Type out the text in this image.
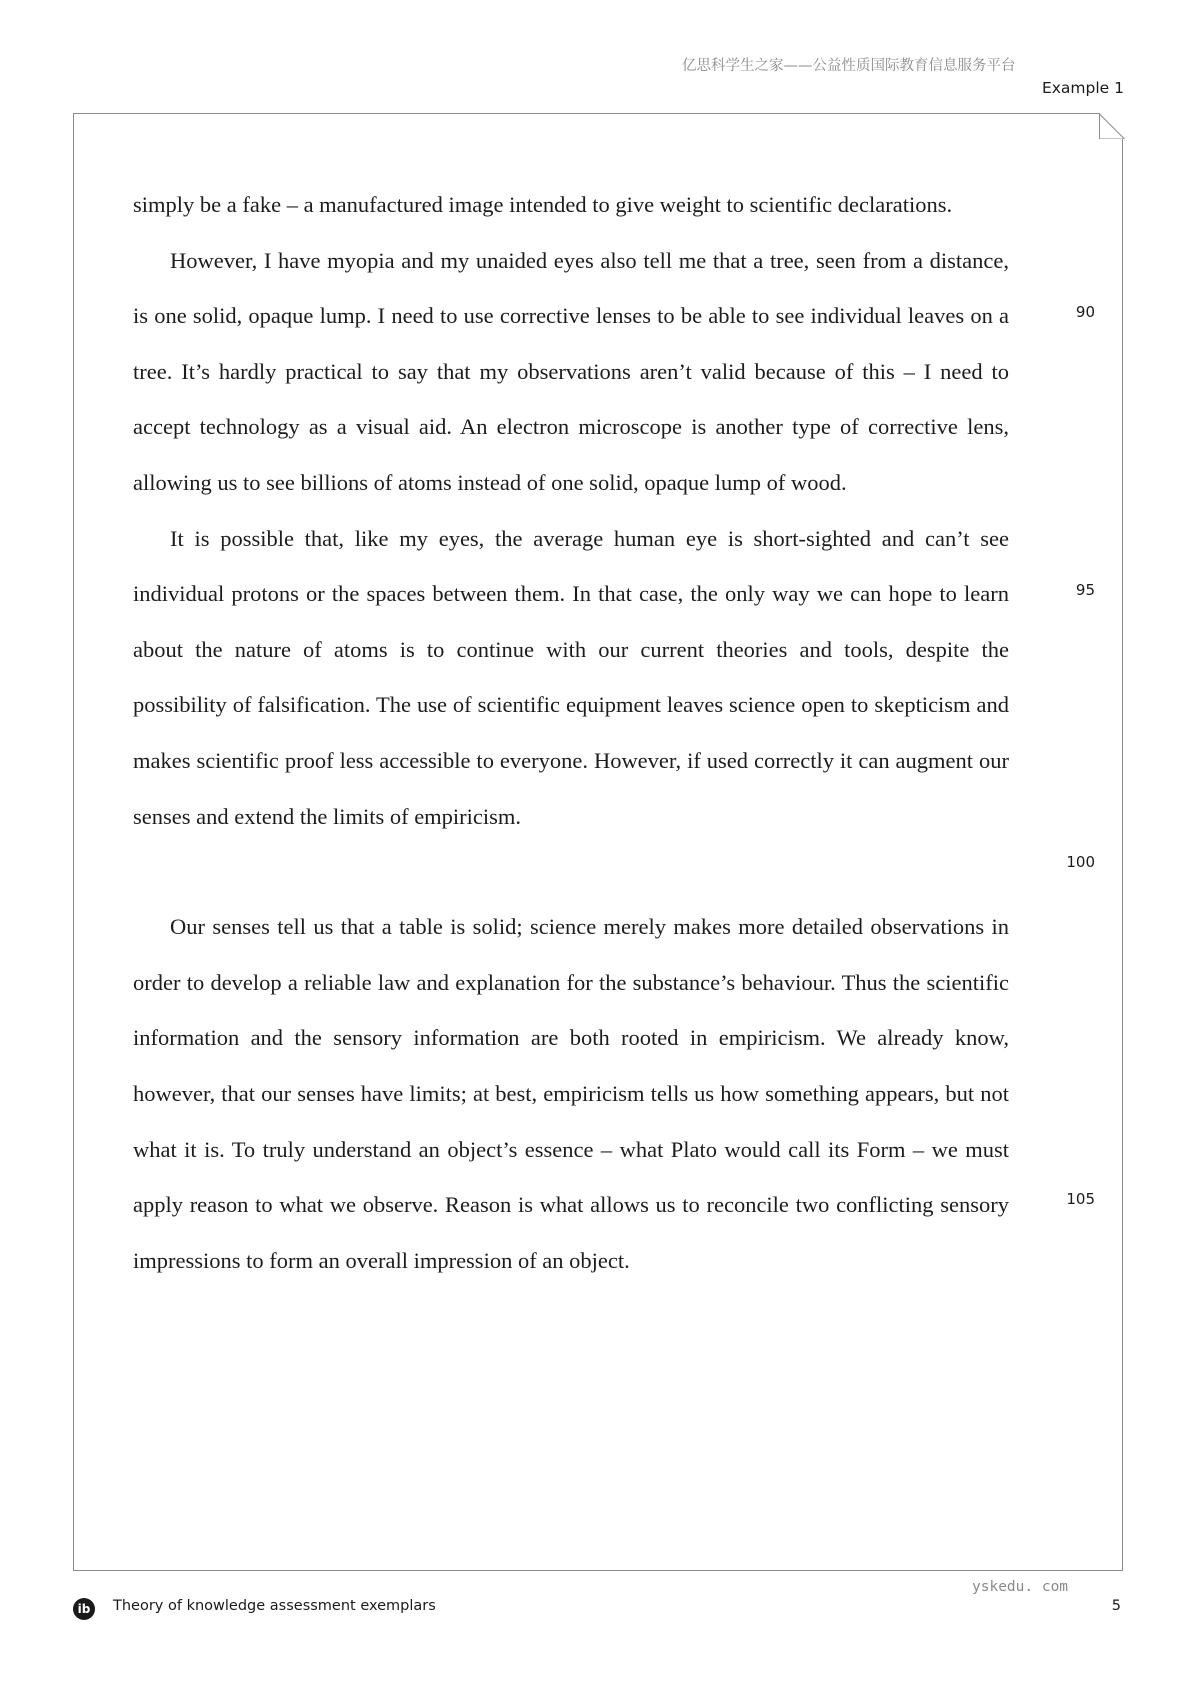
亿思科学生之家——公益性质国际教育信息服务平台
Example 1

simply be a fake – a manufactured image intended to give weight to scientific declarations.

However, I have myopia and my unaided eyes also tell me that a tree, seen from a distance, is one solid, opaque lump. I need to use corrective lenses to be able to see individual leaves on a tree. It’s hardly practical to say that my observations aren’t valid because of this – I need to accept technology as a visual aid. An electron microscope is another type of corrective lens, allowing us to see billions of atoms instead of one solid, opaque lump of wood.

It is possible that, like my eyes, the average human eye is short-sighted and can’t see individual protons or the spaces between them. In that case, the only way we can hope to learn about the nature of atoms is to continue with our current theories and tools, despite the possibility of falsification. The use of scientific equipment leaves science open to skepticism and makes scientific proof less accessible to everyone. However, if used correctly it can augment our senses and extend the limits of empiricism.

Our senses tell us that a table is solid; science merely makes more detailed observations in order to develop a reliable law and explanation for the substance’s behaviour. Thus the scientific information and the sensory information are both rooted in empiricism. We already know, however, that our senses have limits; at best, empiricism tells us how something appears, but not what it is. To truly understand an object’s essence – what Plato would call its Form – we must apply reason to what we observe. Reason is what allows us to reconcile two conflicting sensory impressions to form an overall impression of an object.

90
95
100
105
ib	Theory of knowledge assessment exemplars
yskedu. com
5
